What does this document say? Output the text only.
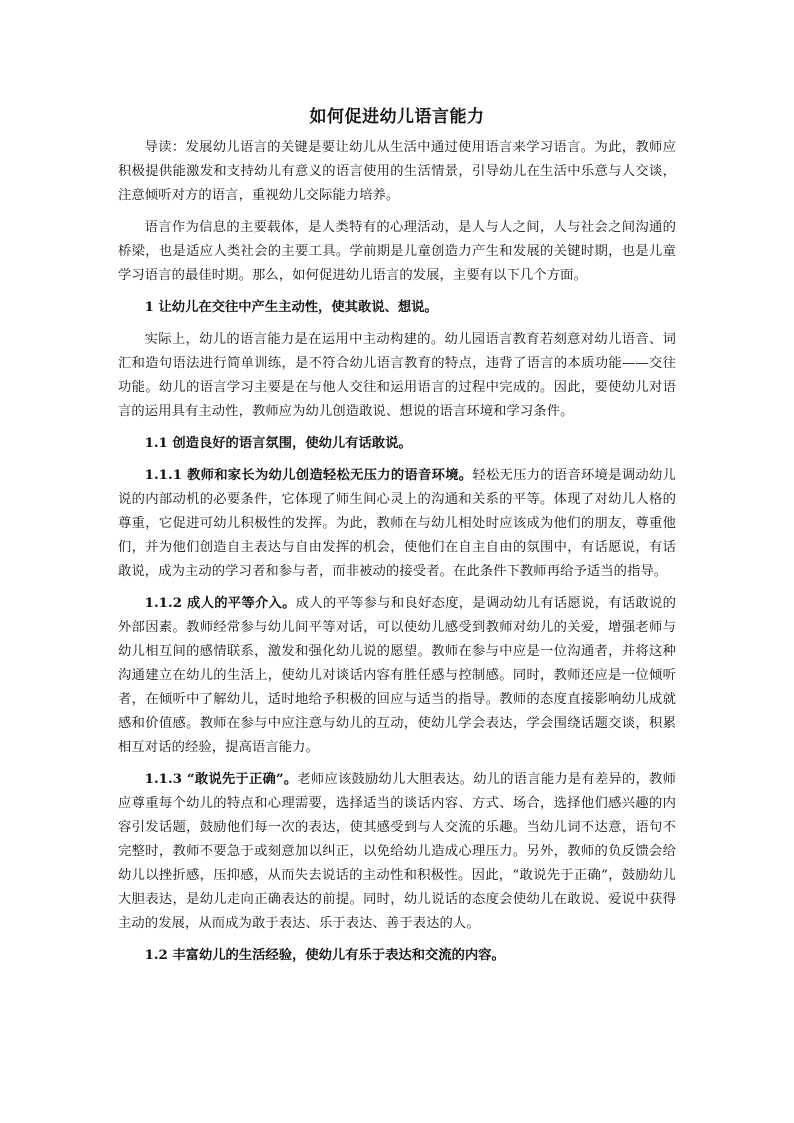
如何促进幼儿语言能力

导读：发展幼儿语言的关键是要让幼儿从生活中通过使用语言来学习语言。为此，教师应积极提供能激发和支持幼儿有意义的语言使用的生活情景，引导幼儿在生活中乐意与人交谈，注意倾听对方的语言，重视幼儿交际能力培养。

语言作为信息的主要载体，是人类特有的心理活动，是人与人之间，人与社会之间沟通的桥梁，也是适应人类社会的主要工具。学前期是儿童创造力产生和发展的关键时期，也是儿童学习语言的最佳时期。那么，如何促进幼儿语言的发展，主要有以下几个方面。

1 让幼儿在交往中产生主动性，使其敢说、想说。

实际上，幼儿的语言能力是在运用中主动构建的。幼儿园语言教育若刻意对幼儿语音、词汇和造句语法进行简单训练，是不符合幼儿语言教育的特点，违背了语言的本质功能——交往功能。幼儿的语言学习主要是在与他人交往和运用语言的过程中完成的。因此，要使幼儿对语言的运用具有主动性，教师应为幼儿创造敢说、想说的语言环境和学习条件。

1.1 创造良好的语言氛围，使幼儿有话敢说。

1.1.1 教师和家长为幼儿创造轻松无压力的语音环境。轻松无压力的语音环境是调动幼儿说的内部动机的必要条件，它体现了师生间心灵上的沟通和关系的平等。体现了对幼儿人格的尊重，它促进可幼儿积极性的发挥。为此，教师在与幼儿相处时应该成为他们的朋友，尊重他们，并为他们创造自主表达与自由发挥的机会，使他们在自主自由的氛围中，有话愿说，有话敢说，成为主动的学习者和参与者，而非被动的接受者。在此条件下教师再给予适当的指导。

1.1.2 成人的平等介入。成人的平等参与和良好态度，是调动幼儿有话愿说，有话敢说的外部因素。教师经常参与幼儿间平等对话，可以使幼儿感受到教师对幼儿的关爱，增强老师与幼儿相互间的感情联系，激发和强化幼儿说的愿望。教师在参与中应是一位沟通者，并将这种沟通建立在幼儿的生活上，使幼儿对谈话内容有胜任感与控制感。同时，教师还应是一位倾听者，在倾听中了解幼儿，适时地给予积极的回应与适当的指导。教师的态度直接影响幼儿成就感和价值感。教师在参与中应注意与幼儿的互动，使幼儿学会表达，学会围绕话题交谈，积累相互对话的经验，提高语言能力。

1.1.3 “敢说先于正确”。老师应该鼓励幼儿大胆表达。幼儿的语言能力是有差异的，教师应尊重每个幼儿的特点和心理需要，选择适当的谈话内容、方式、场合，选择他们感兴趣的内容引发话题，鼓励他们每一次的表达，使其感受到与人交流的乐趣。当幼儿词不达意，语句不完整时，教师不要急于或刻意加以纠正，以免给幼儿造成心理压力。另外，教师的负反馈会给幼儿以挫折感，压抑感，从而失去说话的主动性和积极性。因此，“敢说先于正确”，鼓励幼儿大胆表达，是幼儿走向正确表达的前提。同时，幼儿说话的态度会使幼儿在敢说、爱说中获得主动的发展，从而成为敢于表达、乐于表达、善于表达的人。

1.2 丰富幼儿的生活经验，使幼儿有乐于表达和交流的内容。
